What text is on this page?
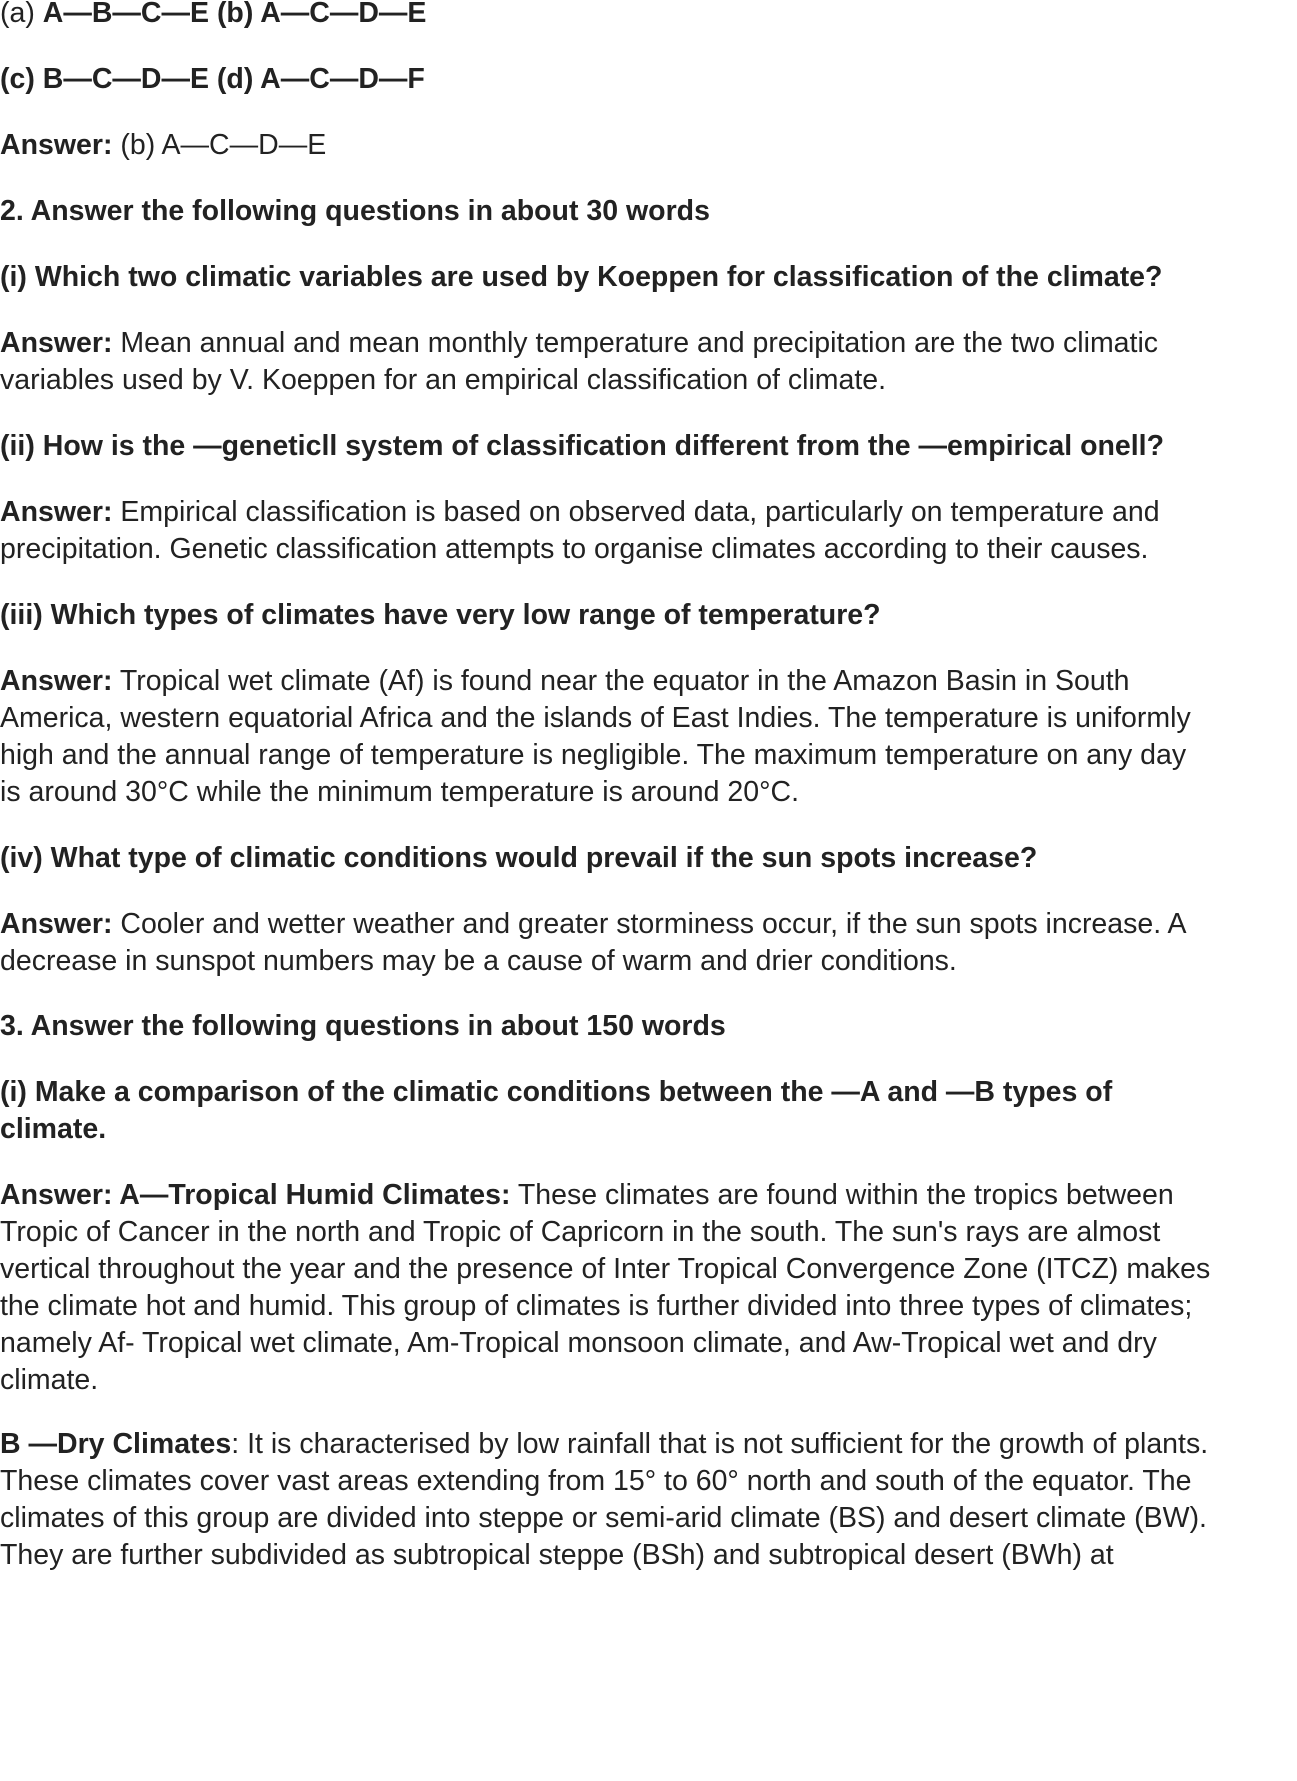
(a) A—B—C—E (b) A—C—D—E
(c) B—C—D—E (d) A—C—D—F
Answer: (b) A—C—D—E
2. Answer the following questions in about 30 words
(i) Which two climatic variables are used by Koeppen for classification of the climate?
Answer: Mean annual and mean monthly temperature and precipitation are the two climatic
variables used by V. Koeppen for an empirical classification of climate.
(ii) How is the —geneticll system of classification different from the —empirical onell?
Answer: Empirical classification is based on observed data, particularly on temperature and
precipitation. Genetic classification attempts to organise climates according to their causes.
(iii) Which types of climates have very low range of temperature?
Answer: Tropical wet climate (Af) is found near the equator in the Amazon Basin in South
America, western equatorial Africa and the islands of East Indies. The temperature is uniformly
high and the annual range of temperature is negligible. The maximum temperature on any day
is around 30°C while the minimum temperature is around 20°C.
(iv) What type of climatic conditions would prevail if the sun spots increase?
Answer: Cooler and wetter weather and greater storminess occur, if the sun spots increase. A
decrease in sunspot numbers may be a cause of warm and drier conditions.
3. Answer the following questions in about 150 words
(i) Make a comparison of the climatic conditions between the —A and —B types of
climate.
Answer: A—Tropical Humid Climates: These climates are found within the tropics between
Tropic of Cancer in the north and Tropic of Capricorn in the south. The sun's rays are almost
vertical throughout the year and the presence of Inter Tropical Convergence Zone (ITCZ) makes
the climate hot and humid. This group of climates is further divided into three types of climates;
namely Af- Tropical wet climate, Am-Tropical monsoon climate, and Aw-Tropical wet and dry
climate.
B —Dry Climates: It is characterised by low rainfall that is not sufficient for the growth of plants.
These climates cover vast areas extending from 15° to 60° north and south of the equator. The
climates of this group are divided into steppe or semi-arid climate (BS) and desert climate (BW).
They are further subdivided as subtropical steppe (BSh) and subtropical desert (BWh) at
